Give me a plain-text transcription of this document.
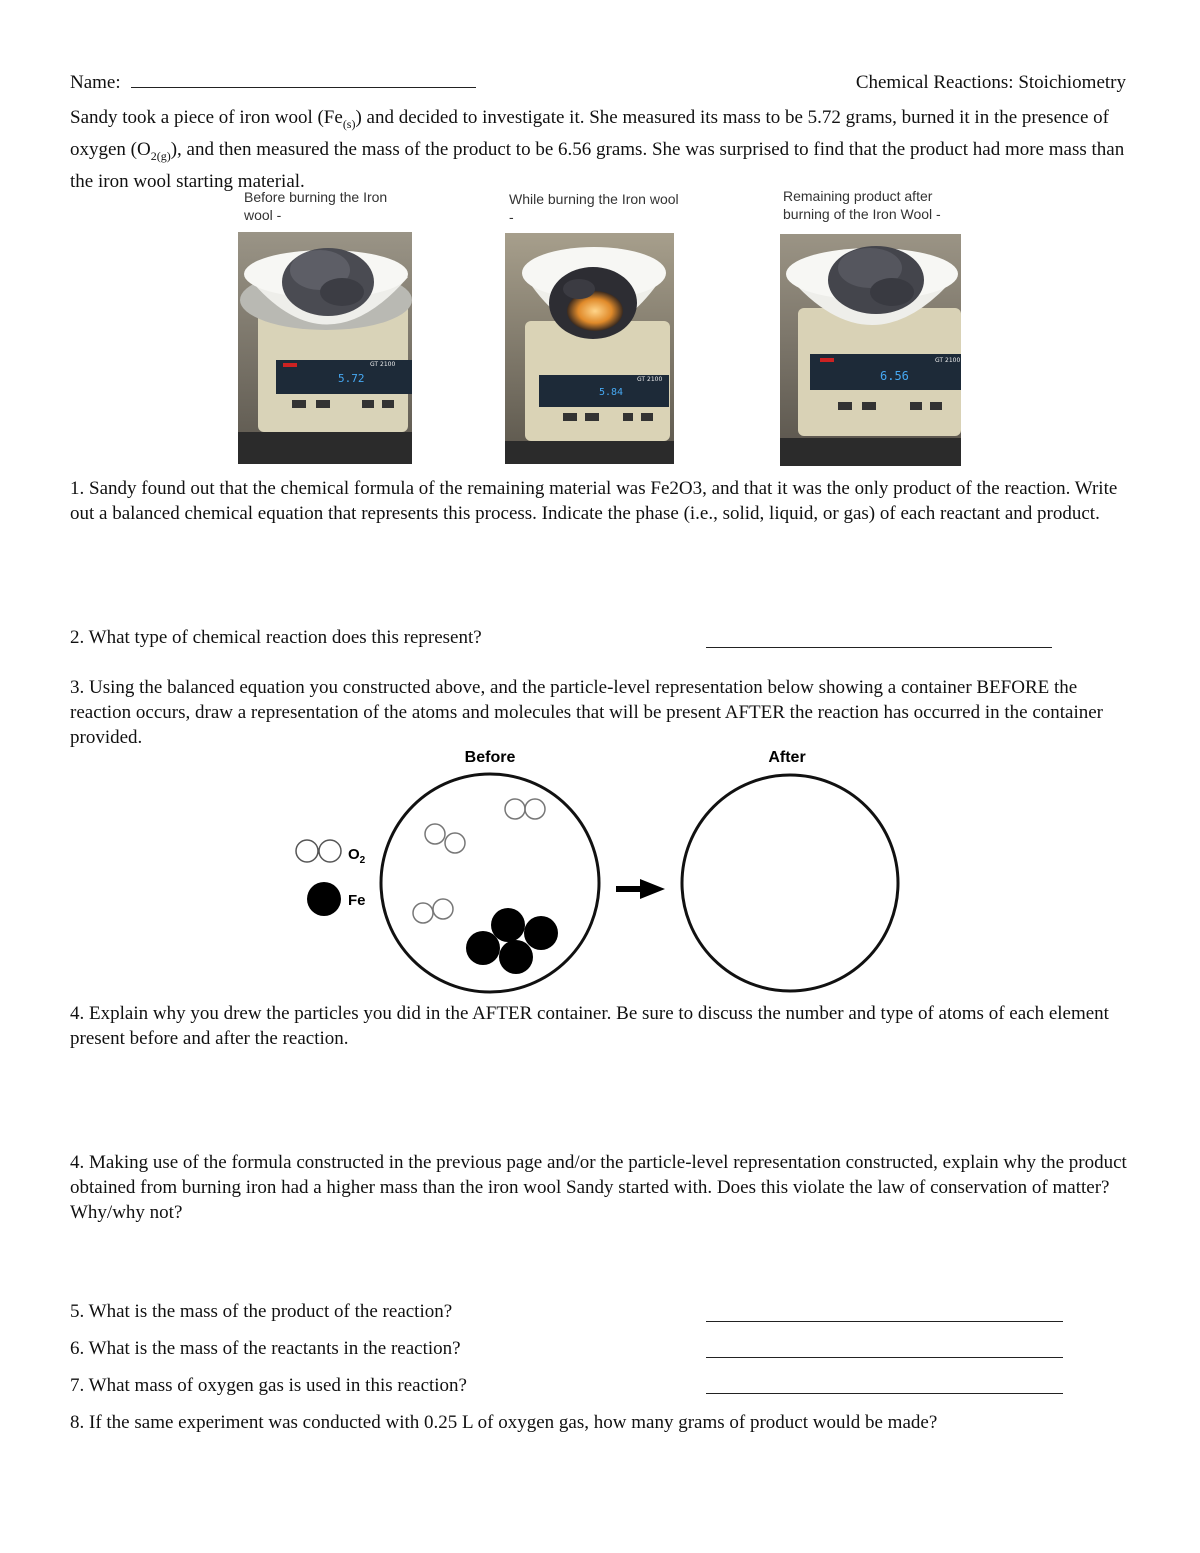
Name:	Chemical Reactions: Stoichiometry
Sandy took a piece of iron wool $(Fe_{(s)})$ and decided to investigate it. She measured its mass to be 5.72 grams, burned it in the presence of oxygen $(O_{2(g)})$, and then measured the mass of the product to be 6.56 grams. She was surprised to find that the product had more mass than the iron wool starting material.
Before burning the Iron wool -
While burning the Iron wool -
Remaining product after burning of the Iron Wool -
5.72
GT 2100
5.84
GT 2100	6.56
GT 2100
1. Sandy found out that the chemical formula of the remaining material was Fe2O3, and that it was the only product of the reaction. Write out a balanced chemical equation that represents this process. Indicate the phase (i.e., solid, liquid, or gas) of each reactant and product.
2. What type of chemical reaction does this represent?
3. Using the balanced equation you constructed above, and the particle-level representation below showing a container BEFORE the reaction occurs, draw a representation of the atoms and molecules that will be present AFTER the reaction has occurred in the container provided.
Before	After
$O_2$
Fe
4. Explain why you drew the particles you did in the AFTER container. Be sure to discuss the number and type of atoms of each element present before and after the reaction.
4. Making use of the formula constructed in the previous page and/or the particle-level representation constructed, explain why the product obtained from burning iron had a higher mass than the iron wool Sandy started with. Does this violate the law of conservation of matter? Why/why not?
5. What is the mass of the product of the reaction?
6. What is the mass of the reactants in the reaction?
7. What mass of oxygen gas is used in this reaction?
8. If the same experiment was conducted with 0.25 L of oxygen gas, how many grams of product would be made?
